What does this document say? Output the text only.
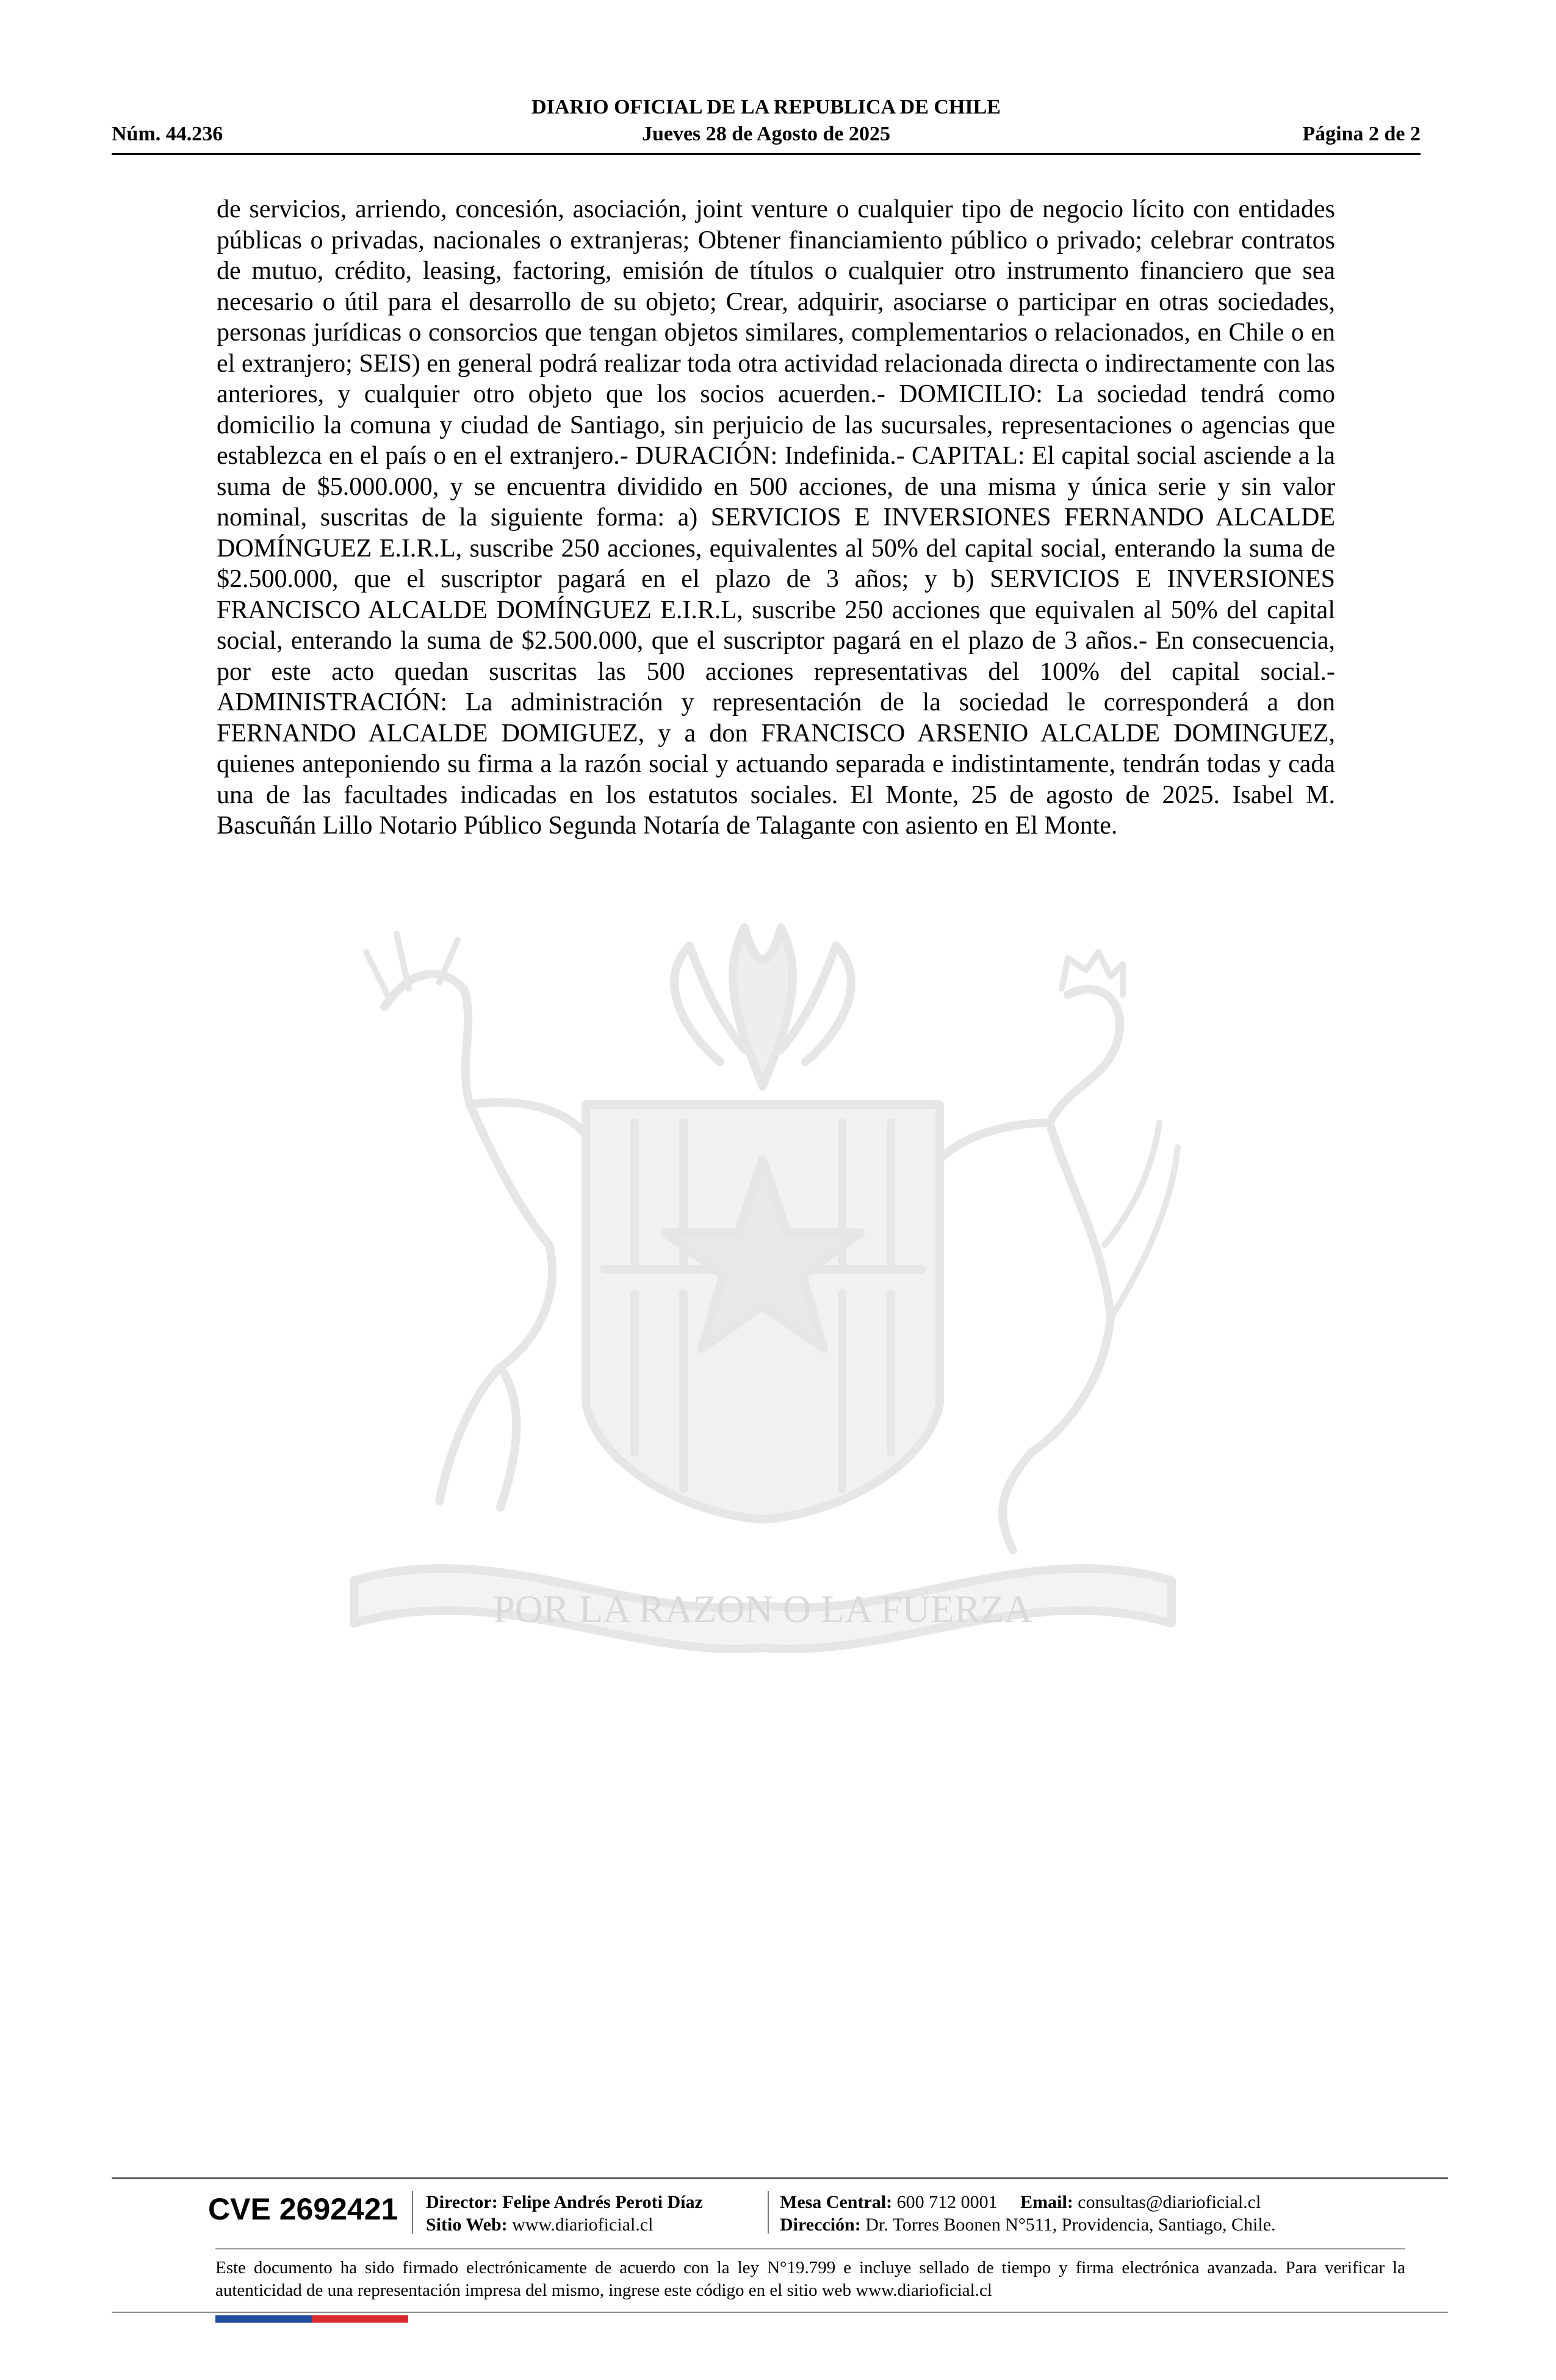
DIARIO OFICIAL DE LA REPUBLICA DE CHILE
Núm. 44.236	Jueves 28 de Agosto de 2025	Página 2 de 2
POR LA RAZON O LA FUERZA

de servicios, arriendo, concesión, asociación, joint venture o cualquier tipo de negocio lícito con entidades públicas o privadas, nacionales o extranjeras; Obtener financiamiento público o privado; celebrar contratos de mutuo, crédito, leasing, factoring, emisión de títulos o cualquier otro instrumento financiero que sea necesario o útil para el desarrollo de su objeto; Crear, adquirir, asociarse o participar en otras sociedades, personas jurídicas o consorcios que tengan objetos similares, complementarios o relacionados, en Chile o en el extranjero; SEIS) en general podrá realizar toda otra actividad relacionada directa o indirectamente con las anteriores, y cualquier otro objeto que los socios acuerden.- DOMICILIO: La sociedad tendrá como domicilio la comuna y ciudad de Santiago, sin perjuicio de las sucursales, representaciones o agencias que establezca en el país o en el extranjero.- DURACIÓN: Indefinida.- CAPITAL: El capital social asciende a la suma de $5.000.000, y se encuentra dividido en 500 acciones, de una misma y única serie y sin valor nominal, suscritas de la siguiente forma: a) SERVICIOS E INVERSIONES FERNANDO ALCALDE DOMÍNGUEZ E.I.R.L, suscribe 250 acciones, equivalentes al 50% del capital social, enterando la suma de $2.500.000, que el suscriptor pagará en el plazo de 3 años; y b) SERVICIOS E INVERSIONES FRANCISCO ALCALDE DOMÍNGUEZ E.I.R.L, suscribe 250 acciones que equivalen al 50% del capital social, enterando la suma de $2.500.000, que el suscriptor pagará en el plazo de 3 años.- En consecuencia, por este acto quedan suscritas las 500 acciones representativas del 100% del capital social.- ADMINISTRACIÓN: La administración y representación de la sociedad le corresponderá a don FERNANDO ALCALDE DOMIGUEZ, y a don FRANCISCO ARSENIO ALCALDE DOMINGUEZ, quienes anteponiendo su firma a la razón social y actuando separada e indistintamente, tendrán todas y cada una de las facultades indicadas en los estatutos sociales. El Monte, 25 de agosto de 2025. Isabel M. Bascuñán Lillo Notario Público Segunda Notaría de Talagante con asiento en El Monte.

CVE 2692421 Director: Felipe Andrés Peroti Díaz
Sitio Web: www.diarioficial.cl
Mesa Central: 600 712 0001 Email: consultas@diarioficial.cl
Dirección: Dr. Torres Boonen N°511, Providencia, Santiago, Chile.
Este documento ha sido firmado electrónicamente de acuerdo con la ley N°19.799 e incluye sellado de tiempo y firma electrónica avanzada. Para verificar la autenticidad de una representación impresa del mismo, ingrese este código en el sitio web www.diarioficial.cl
